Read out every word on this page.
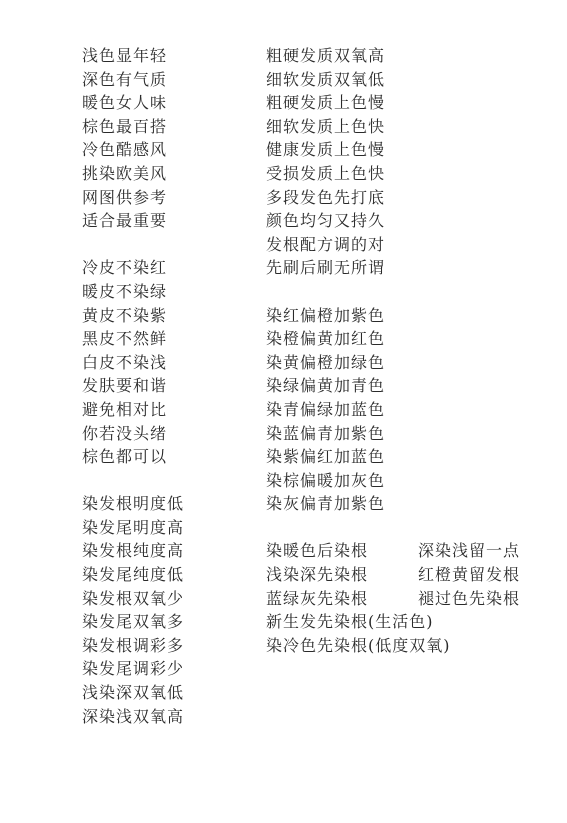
浅色显年轻
深色有气质
暖色女人味
棕色最百搭
冷色酷感风
挑染欧美风
网图供参考
适合最重要
冷皮不染红
暖皮不染绿
黄皮不染紫
黑皮不然鲜
白皮不染浅
发肤要和谐
避免相对比
你若没头绪
棕色都可以
染发根明度低
染发尾明度高
染发根纯度高
染发尾纯度低
染发根双氧少
染发尾双氧多
染发根调彩多
染发尾调彩少
浅染深双氧低
深染浅双氧高
粗硬发质双氧高
细软发质双氧低
粗硬发质上色慢
细软发质上色快
健康发质上色慢
受损发质上色快
多段发色先打底
颜色均匀又持久
发根配方调的对
先刷后刷无所谓
染红偏橙加紫色
染橙偏黄加红色
染黄偏橙加绿色
染绿偏黄加青色
染青偏绿加蓝色
染蓝偏青加紫色
染紫偏红加蓝色
染棕偏暖加灰色
染灰偏青加紫色
染暖色后染根	深染浅留一点
浅染深先染根	红橙黄留发根
蓝绿灰先染根	褪过色先染根
新生发先染根(生活色)
染冷色先染根(低度双氧)
